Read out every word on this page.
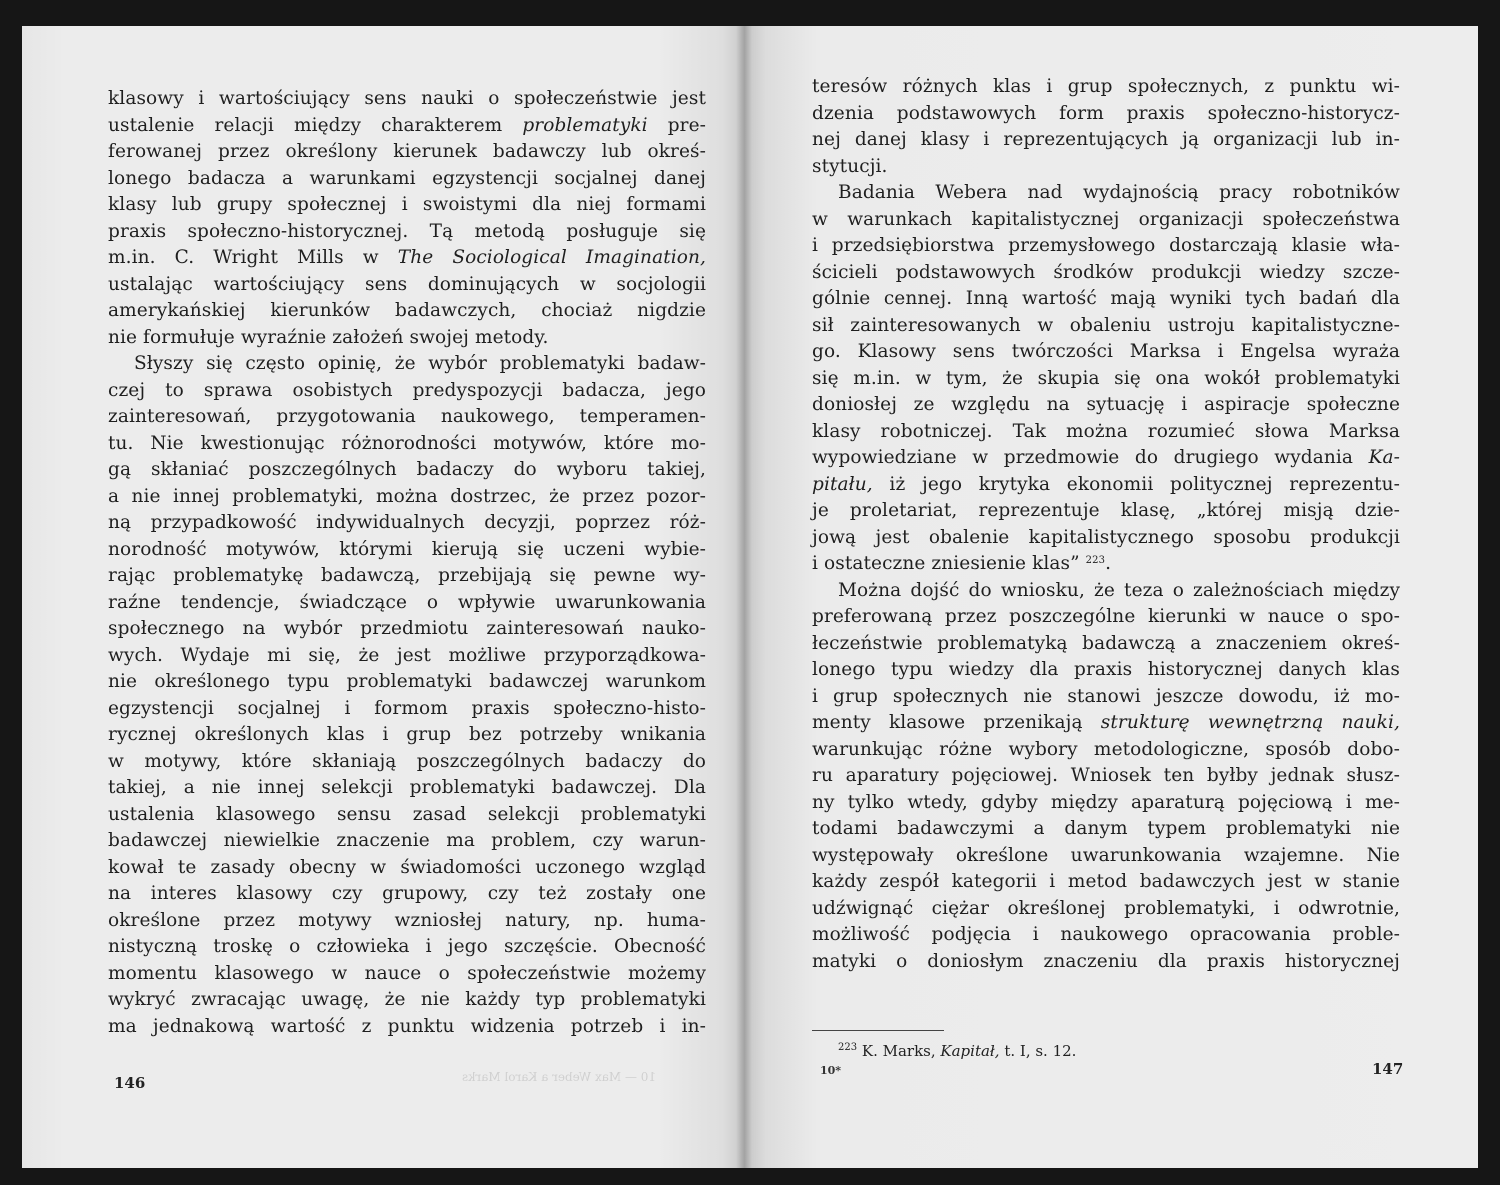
klasowy i wartościujący sens nauki o społeczeństwie jest
ustalenie relacji między charakterem problematyki pre-
ferowanej przez określony kierunek badawczy lub okreś-
lonego badacza a warunkami egzystencji socjalnej danej
klasy lub grupy społecznej i swoistymi dla niej formami
praxis społeczno-historycznej. Tą metodą posługuje się
m.in. C. Wright Mills w The Sociological Imagination,
ustalając wartościujący sens dominujących w socjologii
amerykańskiej kierunków badawczych, chociaż nigdzie
nie formułuje wyraźnie założeń swojej metody.
Słyszy się często opinię, że wybór problematyki badaw-
czej to sprawa osobistych predyspozycji badacza, jego
zainteresowań, przygotowania naukowego, temperamen-
tu. Nie kwestionując różnorodności motywów, które mo-
gą skłaniać poszczególnych badaczy do wyboru takiej,
a nie innej problematyki, można dostrzec, że przez pozor-
ną przypadkowość indywidualnych decyzji, poprzez róż-
norodność motywów, którymi kierują się uczeni wybie-
rając problematykę badawczą, przebijają się pewne wy-
raźne tendencje, świadczące o wpływie uwarunkowania
społecznego na wybór przedmiotu zainteresowań nauko-
wych. Wydaje mi się, że jest możliwe przyporządkowa-
nie określonego typu problematyki badawczej warunkom
egzystencji socjalnej i formom praxis społeczno-histo-
rycznej określonych klas i grup bez potrzeby wnikania
w motywy, które skłaniają poszczególnych badaczy do
takiej, a nie innej selekcji problematyki badawczej. Dla
ustalenia klasowego sensu zasad selekcji problematyki
badawczej niewielkie znaczenie ma problem, czy warun-
kował te zasady obecny w świadomości uczonego wzgląd
na interes klasowy czy grupowy, czy też zostały one
określone przez motywy wzniosłej natury, np. huma-
nistyczną troskę o człowieka i jego szczęście. Obecność
momentu klasowego w nauce o społeczeństwie możemy
wykryć zwracając uwagę, że nie każdy typ problematyki
ma jednakową wartość z punktu widzenia potrzeb i in-
146	10 — Max Weber a Karol Marks
teresów różnych klas i grup społecznych, z punktu wi-
dzenia podstawowych form praxis społeczno-historycz-
nej danej klasy i reprezentujących ją organizacji lub in-
stytucji.
Badania Webera nad wydajnością pracy robotników
w warunkach kapitalistycznej organizacji społeczeństwa
i przedsiębiorstwa przemysłowego dostarczają klasie wła-
ścicieli podstawowych środków produkcji wiedzy szcze-
gólnie cennej. Inną wartość mają wyniki tych badań dla
sił zainteresowanych w obaleniu ustroju kapitalistyczne-
go. Klasowy sens twórczości Marksa i Engelsa wyraża
się m.in. w tym, że skupia się ona wokół problematyki
doniosłej ze względu na sytuację i aspiracje społeczne
klasy robotniczej. Tak można rozumieć słowa Marksa
wypowiedziane w przedmowie do drugiego wydania Ka-
pitału, iż jego krytyka ekonomii politycznej reprezentu-
je proletariat, reprezentuje klasę, „której misją dzie-
jową jest obalenie kapitalistycznego sposobu produkcji
i ostateczne zniesienie klas” $^{223}$.
Można dojść do wniosku, że teza o zależnościach między
preferowaną przez poszczególne kierunki w nauce o spo-
łeczeństwie problematyką badawczą a znaczeniem okreś-
lonego typu wiedzy dla praxis historycznej danych klas
i grup społecznych nie stanowi jeszcze dowodu, iż mo-
menty klasowe przenikają strukturę wewnętrzną nauki,
warunkując różne wybory metodologiczne, sposób dobo-
ru aparatury pojęciowej. Wniosek ten byłby jednak słusz-
ny tylko wtedy, gdyby między aparaturą pojęciową i me-
todami badawczymi a danym typem problematyki nie
występowały określone uwarunkowania wzajemne. Nie
każdy zespół kategorii i metod badawczych jest w stanie
udźwignąć ciężar określonej problematyki, i odwrotnie,
możliwość podjęcia i naukowego opracowania proble-
matyki o doniosłym znaczeniu dla praxis historycznej
$^{223}$ K. Marks, Kapitał, t. I, s. 12.
10*	147
